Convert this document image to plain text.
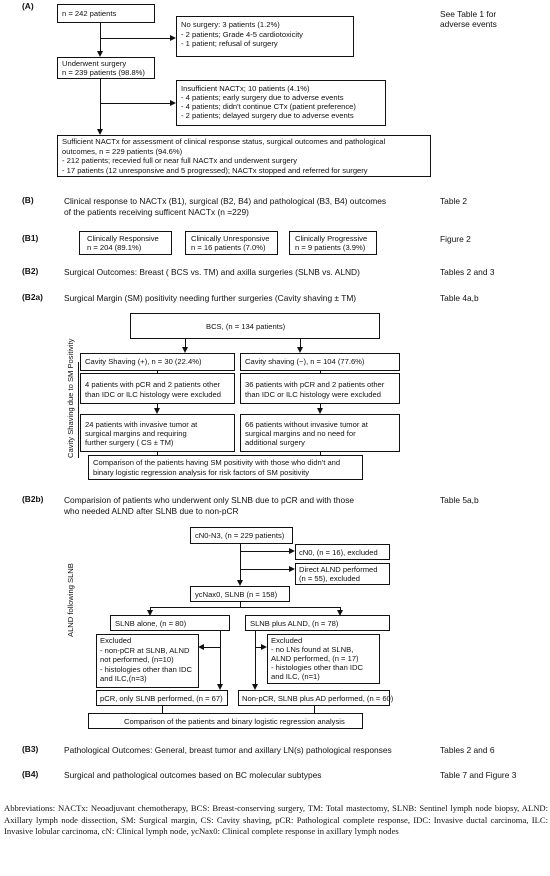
(A)
See Table 1 for
adverse events
n = 242 patients
No surgery: 3 patients (1.2%)
- 2 patients; Grade 4-5 cardiotoxicity
- 1 patient; refusal of surgery
Underwent surgery
n = 239 patients (98.8%)
Insufficient NACTx; 10 patients (4.1%)
- 4 patients; early surgery due to adverse events
- 4 patients; didn't continue CTx (patient preference)
- 2 patients; delayed surgery due to adverse events
Sufficient NACTx for assessment of clinical response status, surgical outcomes and pathological
outcomes, n = 229 patients (94.6%)
- 212 patients; recevied full or near full NACTx and underwent surgery
- 17 patients (12 unresponsive and 5 progressed); NACTx stopped and referred for surgery
(B)	Clinical response to NACTx (B1), surgical (B2, B4) and pathological (B3, B4) outcomes
of the patients receiving sufficent NACTx (n =229)
Table 2
(B1)	Figure 2
Clinically Responsive
n = 204 (89.1%)
Clinically Unresponsive
n = 16 patients (7.0%)
Clinically Progressive
n = 9 patients (3.9%)
(B2)	Surgical Outcomes: Breast ( BCS vs. TM) and axilla surgeries (SLNB vs. ALND)	Tables 2 and 3
(B2a)	Surgical Margin (SM) positivity needing further surgeries (Cavity shaving ± TM)	Table 4a,b
Cavity Shaving due to SM Positivity
BCS, (n = 134 patients)
Cavity Shaving (+), n = 30 (22.4%)	Cavity shaving (−), n = 104 (77.6%)
4 patients with pCR and 2 patients other
than IDC or ILC histology were excluded
36 patients with pCR and 2 patients other
than IDC or ILC histology were excluded
24 patients with invasive tumor at
surgical margins and requiring
further surgery ( CS ± TM)
66 patients without invasive tumor at
surgical margins and no need for
additional surgery
Comparison of the patients having SM positivity with those who didn't and
binary logistic regression analysis for risk factors of SM positivity
(B2b) Comparision of patients who underwent only SLNB due to pCR and with those
who needed ALND after SLNB due to non-pCR
Table 5a,b
ALND following SLNB
cN0-N3, (n = 229 patients)
cN0, (n = 16), excluded
Direct ALND performed
(n = 55), excluded
ycNax0, SLNB (n = 158)
SLNB alone, (n = 80)	SLNB plus ALND, (n = 78)
Excluded
- non-pCR at SLNB, ALND
not performed, (n=10)
- histologies other than IDC
and ILC,(n=3)
Excluded
- no LNs found at SLNB,
ALND performed, (n = 17)
- histologies other than IDC
and ILC, (n=1)
pCR, only SLNB performed, (n = 67)	Non-pCR, SLNB plus AD performed, (n = 60)
Comparison of the patients and binary logistic regression analysis
(B3)	Pathological Outcomes: General, breast tumor and axillary LN(s) pathological responses	Tables 2 and 6
(B4)	Surgical and pathological outcomes based on BC molecular subtypes	Table 7 and Figure 3
Abbreviations: NACTx: Neoadjuvant chemotherapy, BCS: Breast-conserving surgery, TM: Total mastectomy, SLNB: Sentinel lymph node biopsy, ALND: Axillary lymph node dissection, SM: Surgical margin, CS: Cavity shaving, pCR: Pathological complete response, IDC: Invasive ductal carcinoma, ILC: Invasive lobular carcinoma, cN: Clinical lymph node, ycNax0: Clinical complete response in axillary lymph nodes
